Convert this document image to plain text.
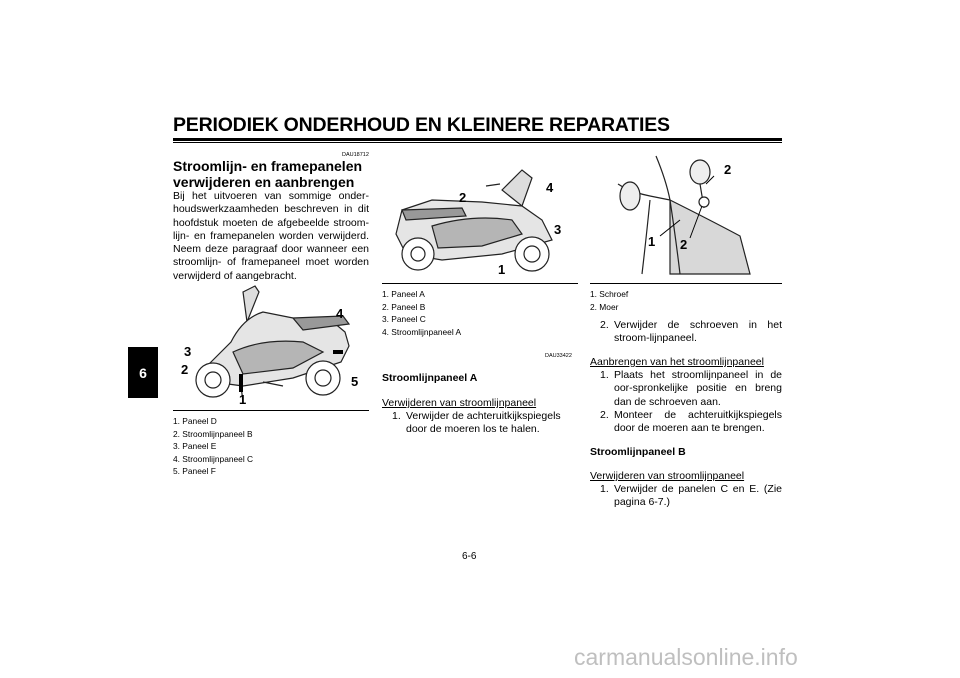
PERIODIEK ONDERHOUD EN KLEINERE REPARATIES
6
DAU18712
Stroomlijn- en framepanelen verwijderen en aanbrengen
Bij het uitvoeren van sommige onder-houdswerkzaamheden beschreven in dit hoofdstuk moeten de afgebeelde stroom-lijn- en framepanelen worden verwijderd. Neem deze paragraaf door wanneer een stroomlijn- of framepaneel moet worden verwijderd of aangebracht.
1
2
3
4
5
1. Paneel D
2. Stroomlijnpaneel B
3. Paneel E
4. Stroomlijnpaneel C
5. Paneel F
1
2
3
4
1. Paneel A
2. Paneel B
3. Paneel C
4. Stroomlijnpaneel A
DAU33422
Stroomlijnpaneel A
Verwijderen van stroomlijnpaneel
1. Verwijder de achteruitkijkspiegels door de moeren los te halen.
1 2
2
1. Schroef
2. Moer
2. Verwijder de schroeven in het stroom-lijnpaneel.
Aanbrengen van het stroomlijnpaneel
1. Plaats het stroomlijnpaneel in de oor-spronkelijke positie en breng dan de schroeven aan.
2. Monteer de achteruitkijkspiegels door de moeren aan te brengen.
Stroomlijnpaneel B
Verwijderen van stroomlijnpaneel
1. Verwijder de panelen C en E. (Zie pagina 6-7.)
6-6
carmanualsonline.info
